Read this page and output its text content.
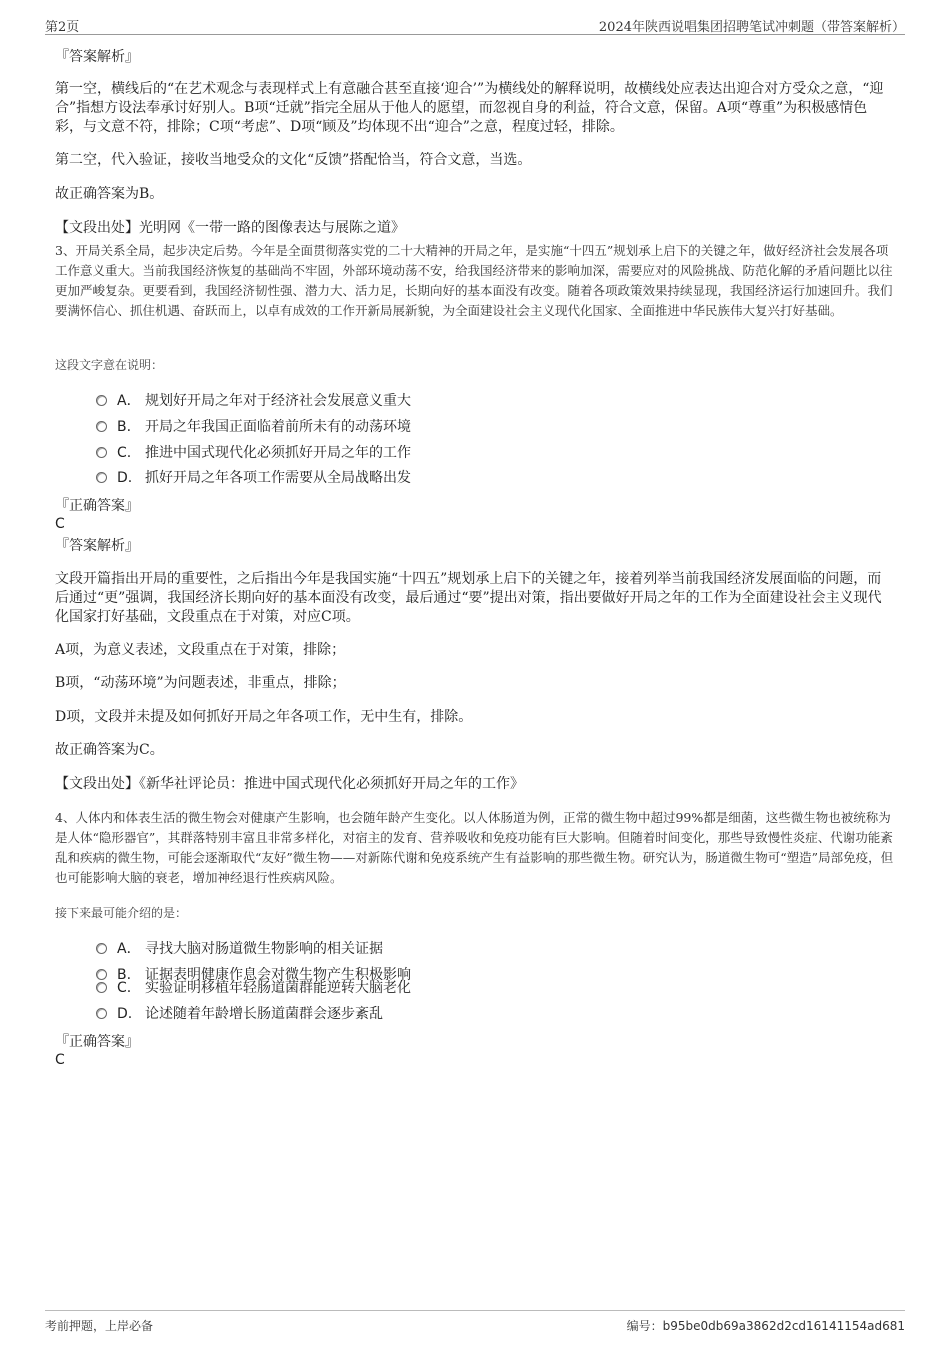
第2页	2024年陕西说唱集团招聘笔试冲刺题（带答案解析）
『答案解析』
第一空，横线后的“在艺术观念与表现样式上有意融合甚至直接‘迎合’”为横线处的解释说明，故横线处应表达出迎合对方受众之意，“迎合”指想方设法奉承讨好别人。B项“迁就”指完全屈从于他人的愿望，而忽视自身的利益，符合文意，保留。A项“尊重”为积极感情色彩，与文意不符，排除；C项“考虑”、D项“顾及”均体现不出“迎合”之意，程度过轻，排除。
第二空，代入验证，接收当地受众的文化“反馈”搭配恰当，符合文意，当选。
故正确答案为B。
【文段出处】光明网《一带一路的图像表达与展陈之道》
3、开局关系全局，起步决定后势。今年是全面贯彻落实党的二十大精神的开局之年，是实施“十四五”规划承上启下的关键之年，做好经济社会发展各项工作意义重大。当前我国经济恢复的基础尚不牢固，外部环境动荡不安，给我国经济带来的影响加深，需要应对的风险挑战、防范化解的矛盾问题比以往更加严峻复杂。更要看到，我国经济韧性强、潜力大、活力足，长期向好的基本面没有改变。随着各项政策效果持续显现，我国经济运行加速回升。我们要满怀信心、抓住机遇、奋跃而上，以卓有成效的工作开新局展新貌，为全面建设社会主义现代化国家、全面推进中华民族伟大复兴打好基础。
这段文字意在说明：
A． 规划好开局之年对于经济社会发展意义重大
B. 开局之年我国正面临着前所未有的动荡环境
C. 推进中国式现代化必须抓好开局之年的工作
D. 抓好开局之年各项工作需要从全局战略出发
『正确答案』
C
『答案解析』
文段开篇指出开局的重要性，之后指出今年是我国实施“十四五”规划承上启下的关键之年，接着列举当前我国经济发展面临的问题，而后通过“更”强调，我国经济长期向好的基本面没有改变，最后通过“要”提出对策，指出要做好开局之年的工作为全面建设社会主义现代化国家打好基础，文段重点在于对策，对应C项。
A项，为意义表述，文段重点在于对策，排除；
B项，“动荡环境”为问题表述，非重点，排除；
D项，文段并未提及如何抓好开局之年各项工作，无中生有，排除。
故正确答案为C。
【文段出处】《新华社评论员：推进中国式现代化必须抓好开局之年的工作》
4、人体内和体表生活的微生物会对健康产生影响，也会随年龄产生变化。以人体肠道为例，正常的微生物中超过99%都是细菌，这些微生物也被统称为是人体“隐形器官”，其群落特别丰富且非常多样化，对宿主的发育、营养吸收和免疫功能有巨大影响。但随着时间变化，那些导致慢性炎症、代谢功能紊乱和疾病的微生物，可能会逐渐取代“友好”微生物——对新陈代谢和免疫系统产生有益影响的那些微生物。研究认为，肠道微生物可“塑造”局部免疫，但也可能影响大脑的衰老，增加神经退行性疾病风险。
接下来最可能介绍的是：
A． 寻找大脑对肠道微生物影响的相关证据
B. 证据表明健康作息会对微生物产生积极影响
C. 实验证明移植年轻肠道菌群能逆转大脑老化
D. 论述随着年龄增长肠道菌群会逐步紊乱
『正确答案』
C
考前押题，上岸必备	编号：b95be0db69a3862d2cd16141154ad681
